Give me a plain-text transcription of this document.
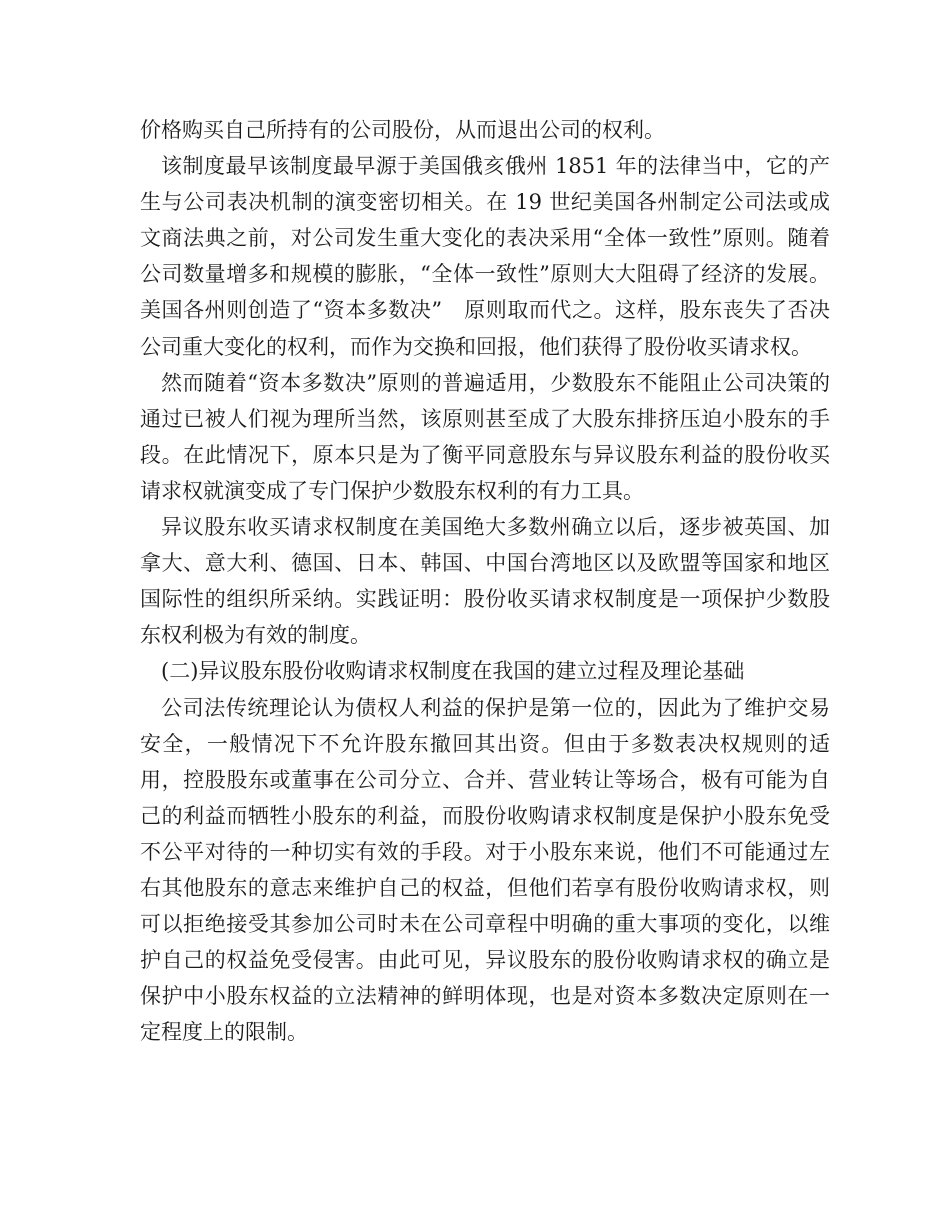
价格购买自己所持有的公司股份，从而退出公司的权利。

该制度最早该制度最早源于美国俄亥俄州 1851 年的法律当中，它的产生与公司表决机制的演变密切相关。在 19 世纪美国各州制定公司法或成文商法典之前，对公司发生重大变化的表决采用“全体一致性”原则。随着公司数量增多和规模的膨胀，“全体一致性”原则大大阻碍了经济的发展。美国各州则创造了“资本多数决”　原则取而代之。这样，股东丧失了否决公司重大变化的权利，而作为交换和回报，他们获得了股份收买请求权。

然而随着“资本多数决”原则的普遍适用，少数股东不能阻止公司决策的通过已被人们视为理所当然，该原则甚至成了大股东排挤压迫小股东的手段。在此情况下，原本只是为了衡平同意股东与异议股东利益的股份收买请求权就演变成了专门保护少数股东权利的有力工具。

异议股东收买请求权制度在美国绝大多数州确立以后，逐步被英国、加拿大、意大利、德国、日本、韩国、中国台湾地区以及欧盟等国家和地区国际性的组织所采纳。实践证明：股份收买请求权制度是一项保护少数股东权利极为有效的制度。

(二)异议股东股份收购请求权制度在我国的建立过程及理论基础

公司法传统理论认为债权人利益的保护是第一位的，因此为了维护交易安全，一般情况下不允许股东撤回其出资。但由于多数表决权规则的适用，控股股东或董事在公司分立、合并、营业转让等场合，极有可能为自己的利益而牺牲小股东的利益，而股份收购请求权制度是保护小股东免受不公平对待的一种切实有效的手段。对于小股东来说，他们不可能通过左右其他股东的意志来维护自己的权益，但他们若享有股份收购请求权，则可以拒绝接受其参加公司时未在公司章程中明确的重大事项的变化，以维护自己的权益免受侵害。由此可见，异议股东的股份收购请求权的确立是保护中小股东权益的立法精神的鲜明体现，也是对资本多数决定原则在一定程度上的限制。
